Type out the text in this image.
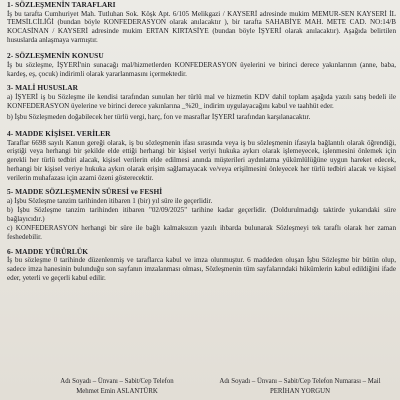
1- SÖZLEŞMENİN TARAFLARI

İş bu tarafta Cumhuriyet Mah. Tutluhan Sok. Köşk Apt. 6/105 Melikgazi / KAYSERİ adresinde mukim MEMUR-SEN KAYSERİ İL TEMSİLCİLİĞİ (bundan böyle KONFEDERASYON olarak anılacaktır ), bir tarafta SAHABİYE MAH. METE CAD. NO:14/B KOCASİNAN / KAYSERİ adresinde mukim ERTAN KIRTASİYE (bundan böyle İŞYERİ olarak anılacaktır). Aşağıda belirtilen hususlarda anlaşmaya varmıştır.

2- SÖZLEŞMENİN KONUSU

İş bu sözleşme, İŞYERİ'nin sunacağı mal/hizmetlerden KONFEDERASYON üyelerini ve birinci derece yakınlarının (anne, baba, kardeş, eş, çocuk) indirimli olarak yararlanmasını içermektedir.

3- MALİ HUSUSLAR

a) İŞYERİ iş bu Sözleşme ile kendisi tarafından sunulan her türlü mal ve hizmetin KDV dahil toplam aşağıda yazılı satış bedeli ile KONFEDERASYON üyelerine ve birinci derece yakınlarına _%20_ indirim uygulayacağını kabul ve taahhüt eder.

b) İşbu Sözleşmeden doğabilecek her türlü vergi, harç, fon ve masraflar İŞYERİ tarafından karşılanacaktır.

4- MADDE KİŞİSEL VERİLER

Taraflar 6698 sayılı Kanun gereği olarak, iş bu sözleşmenin ifası sırasında veya iş bu sözleşmenin ifasıyla bağlantılı olarak öğrendiği, eriştiği veya herhangi bir şekilde elde ettiği herhangi bir kişisel veriyi hukuka aykırı olarak işlemeyecek, işlenmesini önlemek için gerekli her türlü tedbiri alacak, kişisel verilerin elde edilmesi anında müşterileri aydınlatma yükümlülüğüne uygun hareket edecek, herhangi bir kişisel veriye hukuka aykırı olarak erişim sağlamayacak ve/veya erişilmesini önleyecek her türlü tedbiri alacak ve kişisel verilerin muhafazası için azami özeni gösterecektir.

5- MADDE SÖZLEŞMENİN SÜRESİ ve FESHİ

a) İşbu Sözleşme tanzim tarihinden itibaren 1 (bir) yıl süre ile geçerlidir.

b) İşbu Sözleşme tanzim tarihinden itibaren "02/09/2025" tarihine kadar geçerlidir. (Doldurulmadığı taktirde yukarıdaki süre bağlayıcıdır.)

c) KONFEDERASYON herhangi bir süre ile bağlı kalmaksızın yazılı ihbarda bulunarak Sözleşmeyi tek taraflı olarak her zaman feshedebilir.

6- MADDE YÜRÜRLÜK

İş bu sözleşme 0 tarihinde düzenlenmiş ve taraflarca kabul ve imza olunmuştur. 6 maddeden oluşan İşbu Sözleşme bir bütün olup, sadece imza hanesinin bulunduğu son sayfanın imzalanması olması, Sözleşmenin tüm sayfalarındaki hükümlerin kabul edildiğini ifade eder, yeterli ve geçerli kabul edilir.

Adı Soyadı – Ünvanı – Sabit/Cep Telefon
Mehmet Emin ASLANTÜRK
Adı Soyadı – Ünvanı – Sabit/Cep Telefon Numarası – Mail
PERİHAN YORGUN
